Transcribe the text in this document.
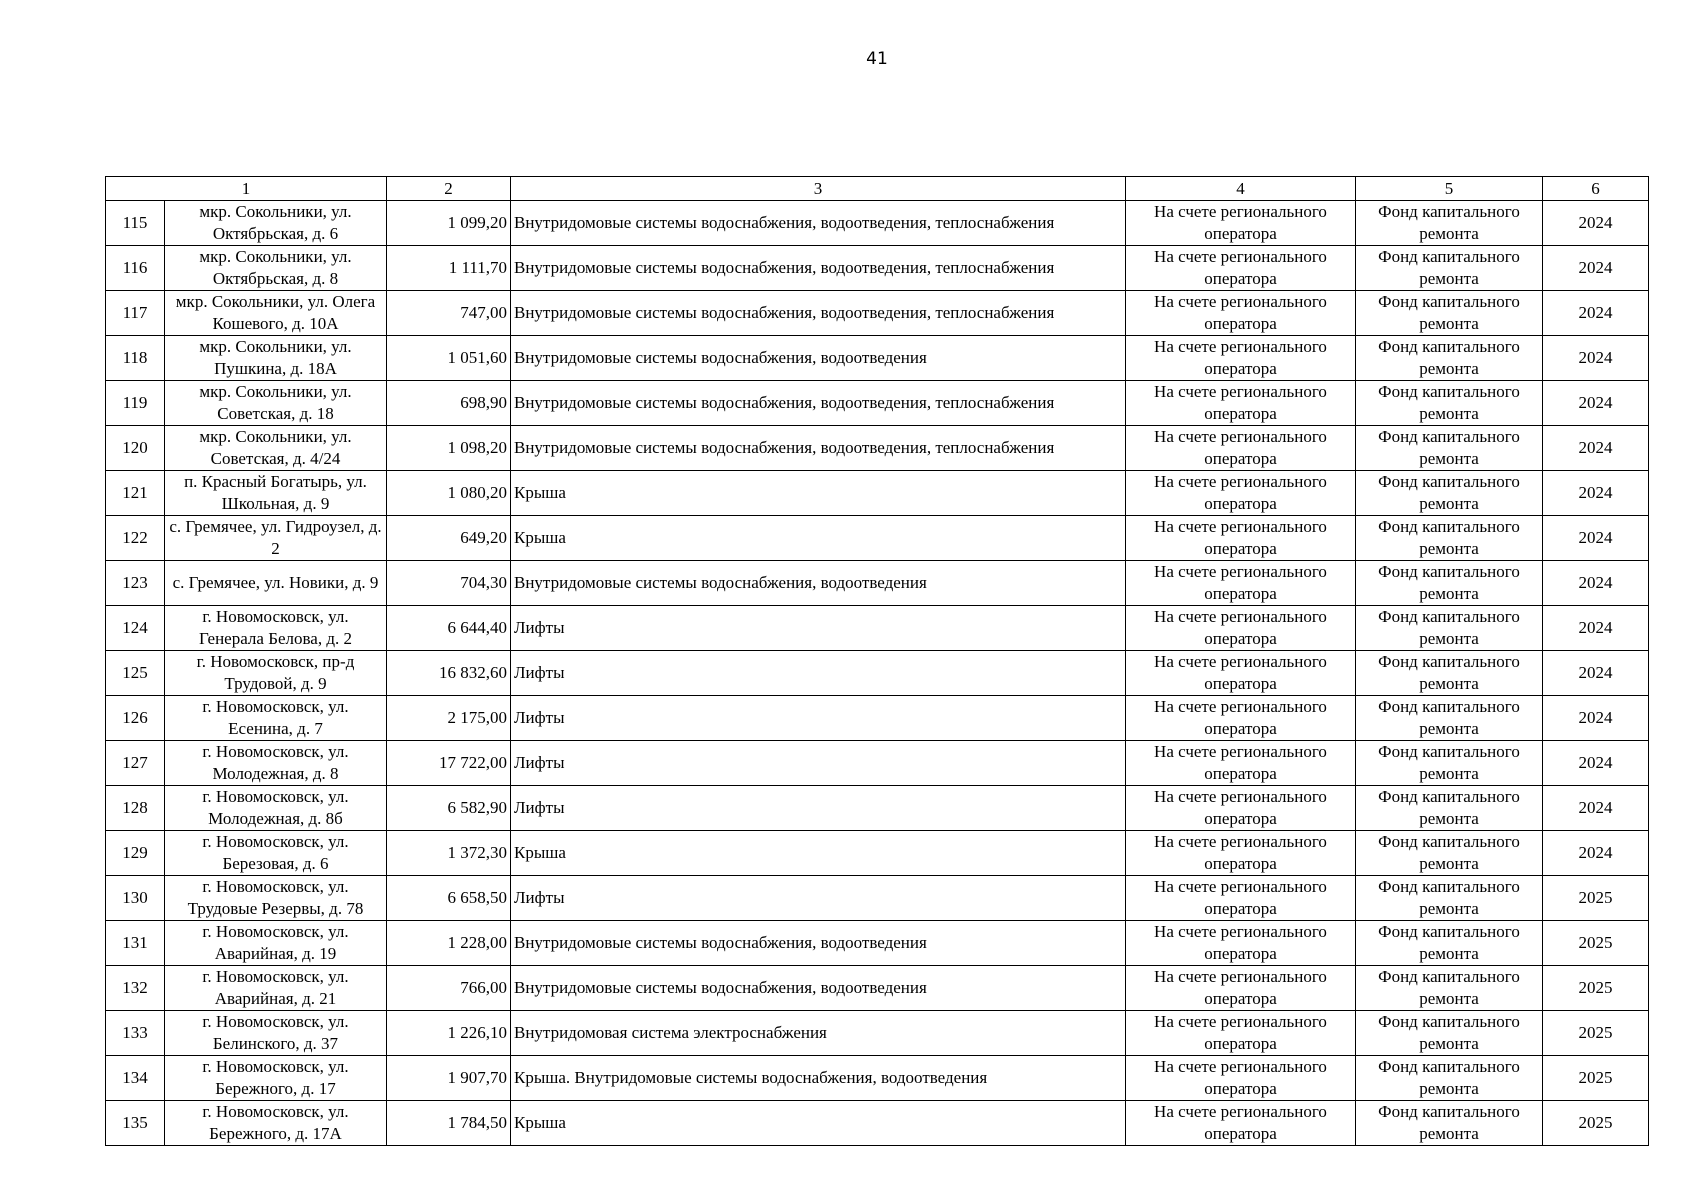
41
1		2	3	4	5	6
115	мкр. Сокольники, ул. Октябрьская, д. 6	1 099,20	Внутридомовые системы водоснабжения, водоотведения, теплоснабжения	На счете регионального оператора	Фонд капитального ремонта	2024
116	мкр. Сокольники, ул. Октябрьская, д. 8	1 111,70	Внутридомовые системы водоснабжения, водоотведения, теплоснабжения	На счете регионального оператора	Фонд капитального ремонта	2024
117	мкр. Сокольники, ул. Олега Кошевого, д. 10А	747,00	Внутридомовые системы водоснабжения, водоотведения, теплоснабжения	На счете регионального оператора	Фонд капитального ремонта	2024
118	мкр. Сокольники, ул. Пушкина, д. 18А	1 051,60	Внутридомовые системы водоснабжения, водоотведения	На счете регионального оператора	Фонд капитального ремонта	2024
119	мкр. Сокольники, ул. Советская, д. 18	698,90	Внутридомовые системы водоснабжения, водоотведения, теплоснабжения	На счете регионального оператора	Фонд капитального ремонта	2024
120	мкр. Сокольники, ул. Советская, д. 4/24	1 098,20	Внутридомовые системы водоснабжения, водоотведения, теплоснабжения	На счете регионального оператора	Фонд капитального ремонта	2024
121	п. Красный Богатырь, ул. Школьная, д. 9	1 080,20	Крыша	На счете регионального оператора	Фонд капитального ремонта	2024
122	с. Гремячее, ул. Гидроузел, д. 2	649,20	Крыша	На счете регионального оператора	Фонд капитального ремонта	2024
123	с. Гремячее, ул. Новики, д. 9	704,30	Внутридомовые системы водоснабжения, водоотведения	На счете регионального оператора	Фонд капитального ремонта	2024
124	г. Новомосковск, ул. Генерала Белова, д. 2	6 644,40	Лифты	На счете регионального оператора	Фонд капитального ремонта	2024
125	г. Новомосковск, пр-д Трудовой, д. 9	16 832,60	Лифты	На счете регионального оператора	Фонд капитального ремонта	2024
126	г. Новомосковск, ул. Есенина, д. 7	2 175,00	Лифты	На счете регионального оператора	Фонд капитального ремонта	2024
127	г. Новомосковск, ул. Молодежная, д. 8	17 722,00	Лифты	На счете регионального оператора	Фонд капитального ремонта	2024
128	г. Новомосковск, ул. Молодежная, д. 8б	6 582,90	Лифты	На счете регионального оператора	Фонд капитального ремонта	2024
129	г. Новомосковск, ул. Березовая, д. 6	1 372,30	Крыша	На счете регионального оператора	Фонд капитального ремонта	2024
130	г. Новомосковск, ул. Трудовые Резервы, д. 78	6 658,50	Лифты	На счете регионального оператора	Фонд капитального ремонта	2025
131	г. Новомосковск, ул. Аварийная, д. 19	1 228,00	Внутридомовые системы водоснабжения, водоотведения	На счете регионального оператора	Фонд капитального ремонта	2025
132	г. Новомосковск, ул. Аварийная, д. 21	766,00	Внутридомовые системы водоснабжения, водоотведения	На счете регионального оператора	Фонд капитального ремонта	2025
133	г. Новомосковск, ул. Белинского, д. 37	1 226,10	Внутридомовая система электроснабжения	На счете регионального оператора	Фонд капитального ремонта	2025
134	г. Новомосковск, ул. Бережного, д. 17	1 907,70	Крыша. Внутридомовые системы водоснабжения, водоотведения	На счете регионального оператора	Фонд капитального ремонта	2025
135	г. Новомосковск, ул. Бережного, д. 17А	1 784,50	Крыша	На счете регионального оператора	Фонд капитального ремонта	2025
